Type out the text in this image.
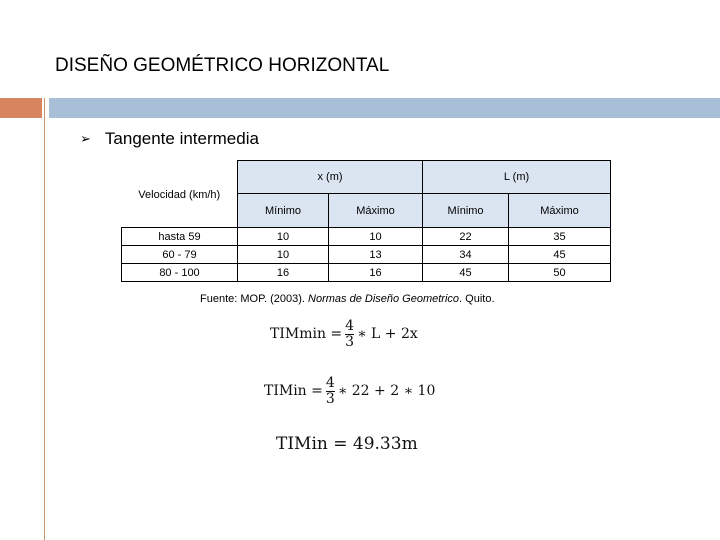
DISEÑO GEOMÉTRICO HORIZONTAL
➢ Tangente intermedia
Velocidad (km/h)	x (m)		L (m)	
	Mínimo	Máximo	Mínimo	Máximo
hasta 59	10	10	22	35
60 - 79	10	13	34	45
80 - 100	16	16	45	50
Fuente: MOP. (2003). Normas de Diseño Geometrico. Quito.
$TIMmin = \frac{4}{3}$ ∗ L + 2x
TIMin = $\frac{4}{3}$ ∗ 22 + 2 ∗ 10
TIMin = 49.33m
